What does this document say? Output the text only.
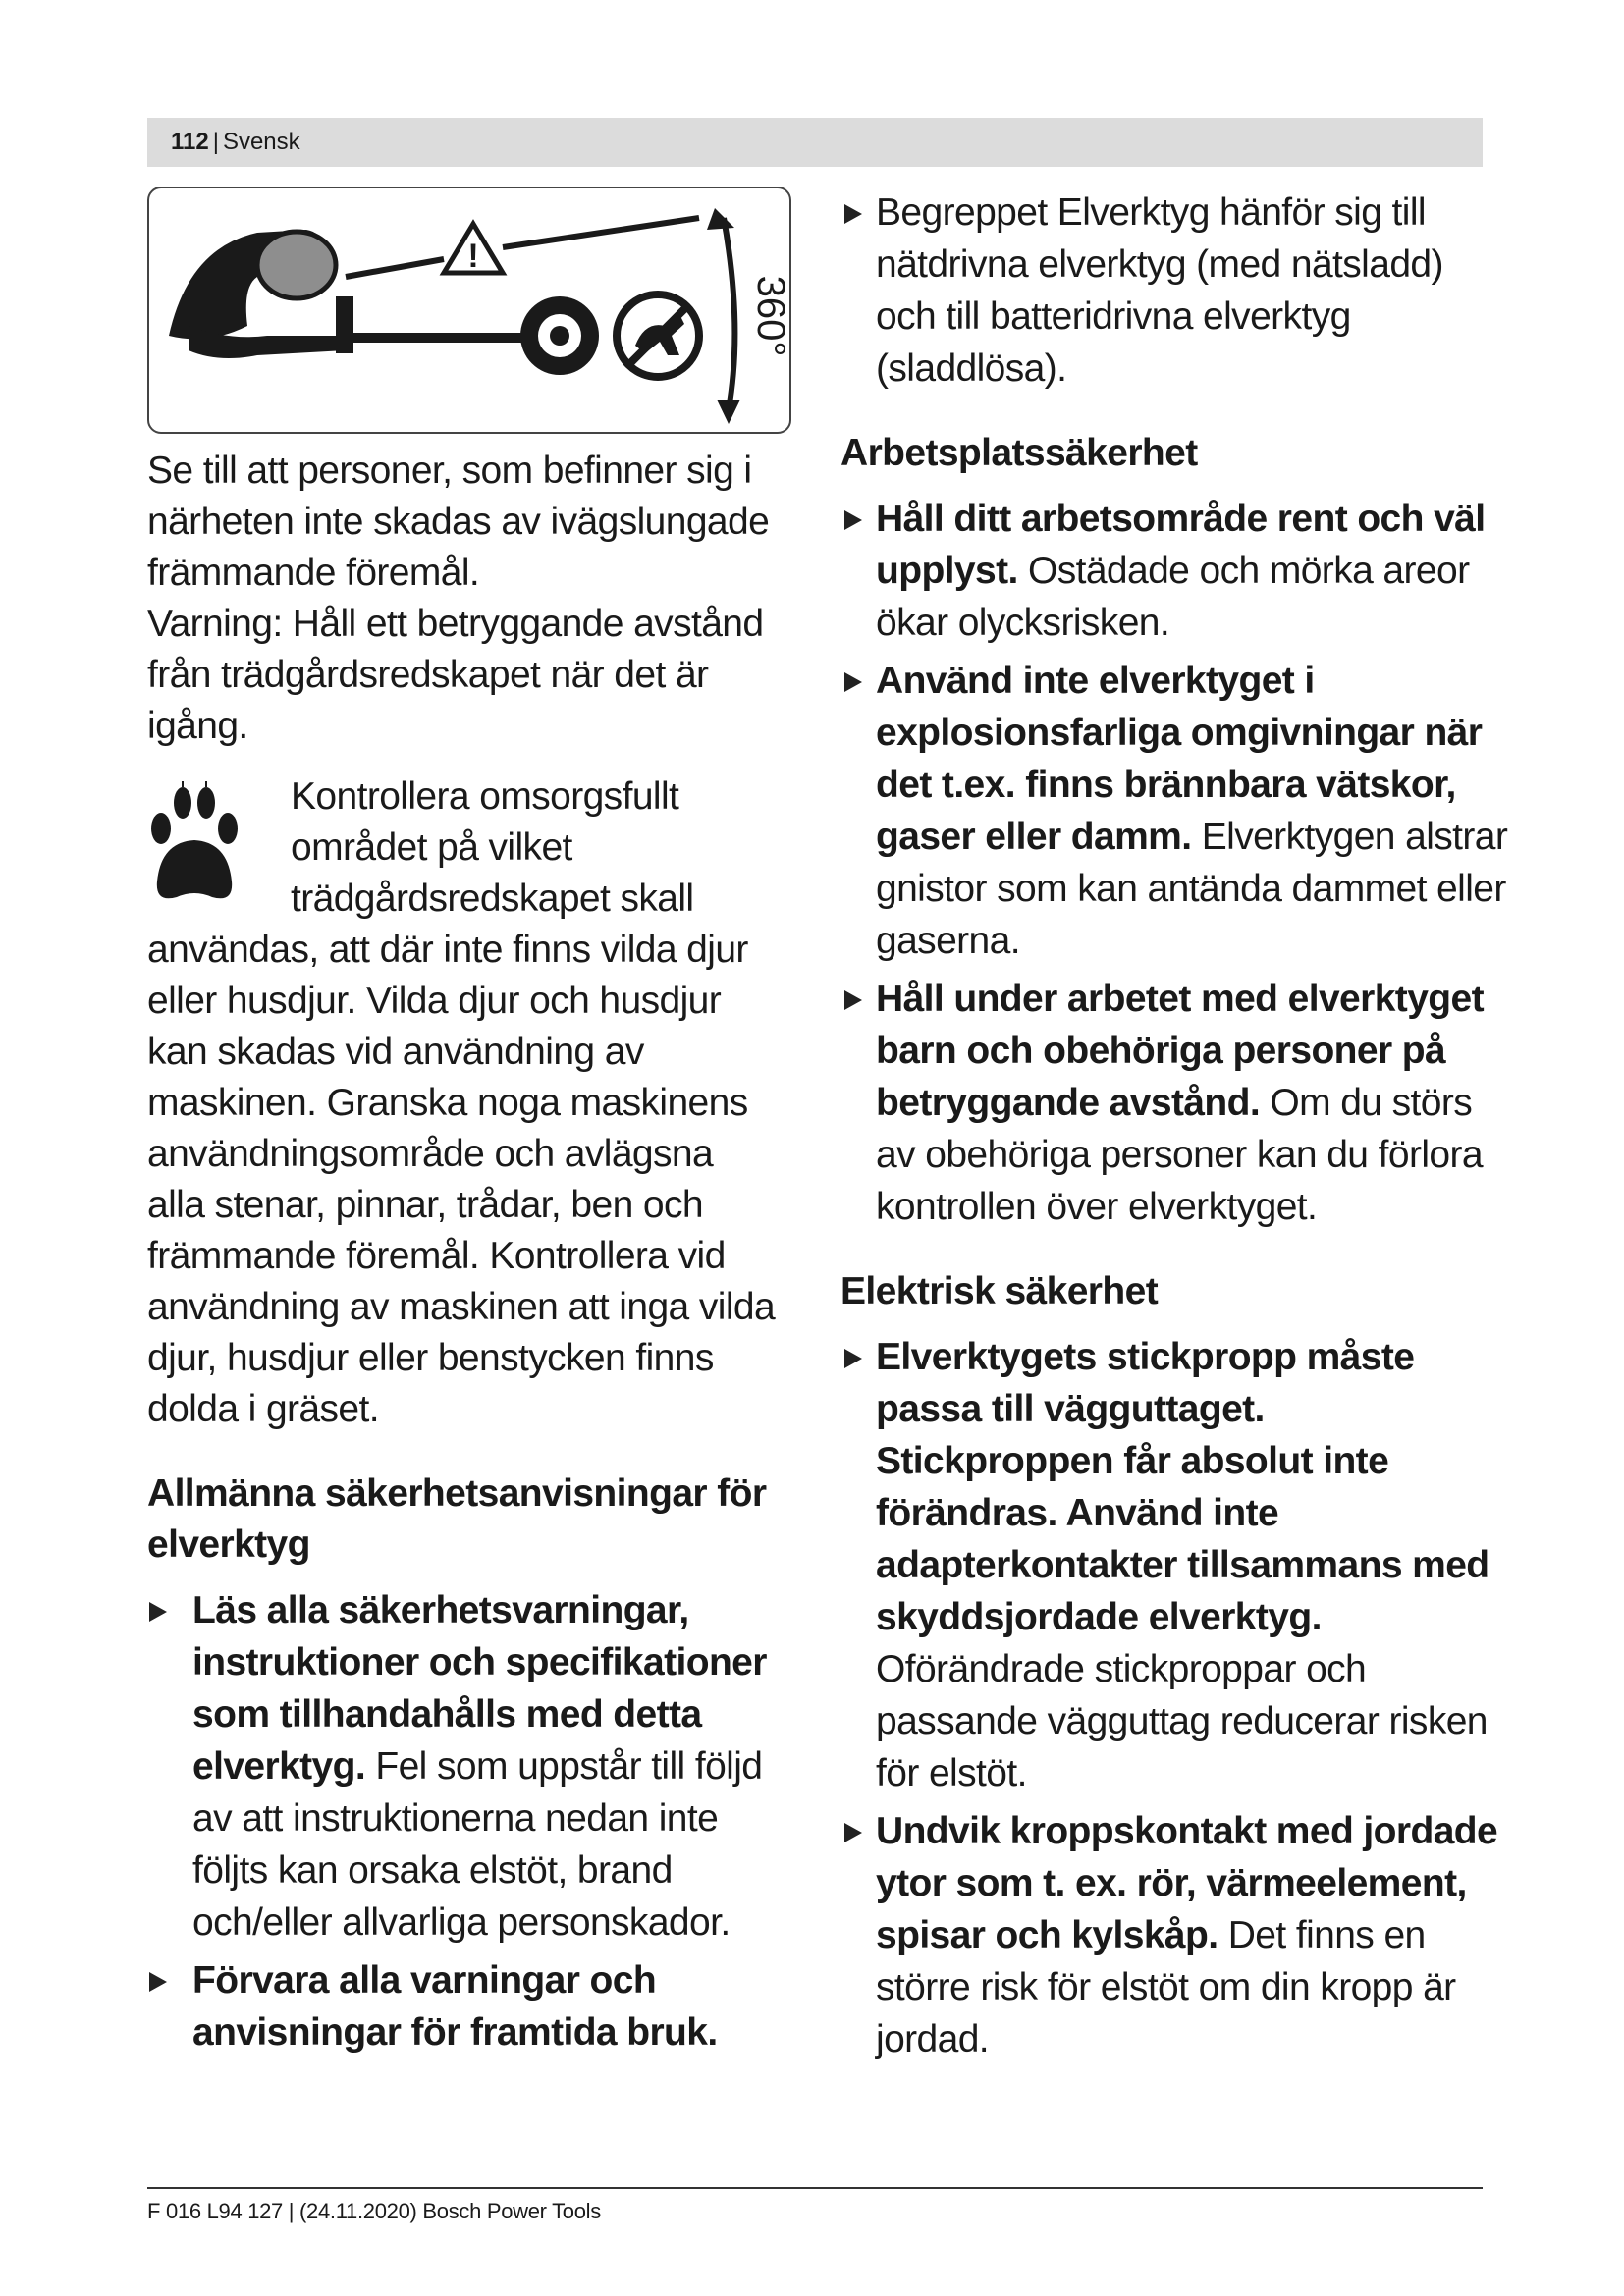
112 | Svensk
!
360°

Se till att personer, som befinner sig i närheten inte skadas av ivägslungade främmande föremål.

Varning: Håll ett betryggande avstånd från trädgårdsredskapet när det är igång.

Kontrollera omsorgsfullt området på vilket trädgårdsredskapet skall användas, att där inte finns vilda djur eller husdjur. Vilda djur och husdjur kan skadas vid användning av maskinen. Granska noga maskinens användningsområde och avlägsna alla stenar, pinnar, trådar, ben och främmande föremål. Kontrollera vid användning av maskinen att inga vilda djur, husdjur eller benstycken finns dolda i gräset.

Allmänna säkerhetsanvisningar för elverktyg
Läs alla säkerhetsvarningar, instruktioner och specifikationer som tillhandahålls med detta elverktyg. Fel som uppstår till följd av att instruktionerna nedan inte följts kan orsaka elstöt, brand och/eller allvarliga personskador.
Förvara alla varningar och anvisningar för framtida bruk.
Begreppet Elverktyg hänför sig till nätdrivna elverktyg (med nätsladd) och till batteridrivna elverktyg (sladdlösa).
Arbetsplatssäkerhet
Håll ditt arbetsområde rent och väl upplyst. Ostädade och mörka areor ökar olycksrisken.
Använd inte elverktyget i explosionsfarliga omgivningar när det t.ex. finns brännbara vätskor, gaser eller damm. Elverktygen alstrar gnistor som kan antända dammet eller gaserna.
Håll under arbetet med elverktyget barn och obehöriga personer på betryggande avstånd. Om du störs av obehöriga personer kan du förlora kontrollen över elverktyget.
Elektrisk säkerhet
Elverktygets stickpropp måste passa till vägguttaget. Stickproppen får absolut inte förändras. Använd inte adapterkontakter tillsammans med skyddsjordade elverktyg. Oförändrade stickproppar och passande vägguttag reducerar risken för elstöt.
Undvik kroppskontakt med jordade ytor som t. ex. rör, värmeelement, spisar och kylskåp. Det finns en större risk för elstöt om din kropp är jordad.
F 016 L94 127 | (24.11.2020) Bosch Power Tools
